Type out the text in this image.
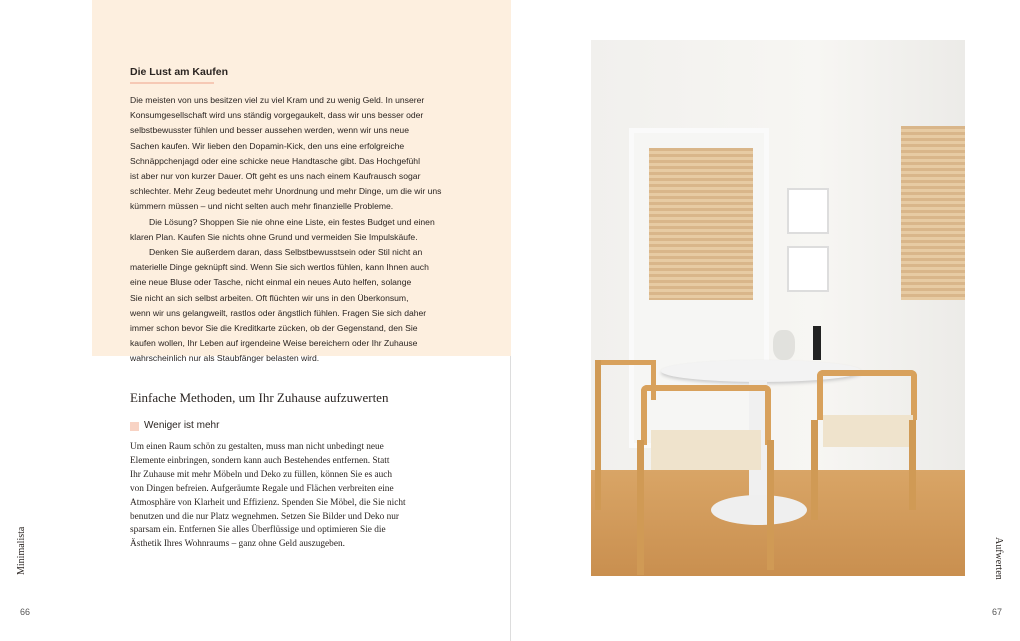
Die Lust am Kaufen
Die meisten von uns besitzen viel zu viel Kram und zu wenig Geld. In unserer
Konsumgesellschaft wird uns ständig vorgegaukelt, dass wir uns besser oder
selbstbewusster fühlen und besser aussehen werden, wenn wir uns neue
Sachen kaufen. Wir lieben den Dopamin-Kick, den uns eine erfolgreiche
Schnäppchenjagd oder eine schicke neue Handtasche gibt. Das Hochgefühl
ist aber nur von kurzer Dauer. Oft geht es uns nach einem Kaufrausch sogar
schlechter. Mehr Zeug bedeutet mehr Unordnung und mehr Dinge, um die wir uns
kümmern müssen – und nicht selten auch mehr finanzielle Probleme.
Die Lösung? Shoppen Sie nie ohne eine Liste, ein festes Budget und einen
klaren Plan. Kaufen Sie nichts ohne Grund und vermeiden Sie Impulskäufe.
Denken Sie außerdem daran, dass Selbstbewusstsein oder Stil nicht an
materielle Dinge geknüpft sind. Wenn Sie sich wertlos fühlen, kann Ihnen auch
eine neue Bluse oder Tasche, nicht einmal ein neues Auto helfen, solange
Sie nicht an sich selbst arbeiten. Oft flüchten wir uns in den Überkonsum,
wenn wir uns gelangweilt, rastlos oder ängstlich fühlen. Fragen Sie sich daher
immer schon bevor Sie die Kreditkarte zücken, ob der Gegenstand, den Sie
kaufen wollen, Ihr Leben auf irgendeine Weise bereichern oder Ihr Zuhause
wahrscheinlich nur als Staubfänger belasten wird.
Einfache Methoden, um Ihr Zuhause aufzuwerten
Weniger ist mehr
Um einen Raum schön zu gestalten, muss man nicht unbedingt neue
Elemente einbringen, sondern kann auch Bestehendes entfernen. Statt
Ihr Zuhause mit mehr Möbeln und Deko zu füllen, können Sie es auch
von Dingen befreien. Aufgeräumte Regale und Flächen verbreiten eine
Atmosphäre von Klarheit und Effizienz. Spenden Sie Möbel, die Sie nicht
benutzen und die nur Platz wegnehmen. Setzen Sie Bilder und Deko nur
sparsam ein. Entfernen Sie alles Überflüssige und optimieren Sie die
Ästhetik Ihres Wohnraums – ganz ohne Geld auszugeben.
Minimalista
66
Aufwerten
67
